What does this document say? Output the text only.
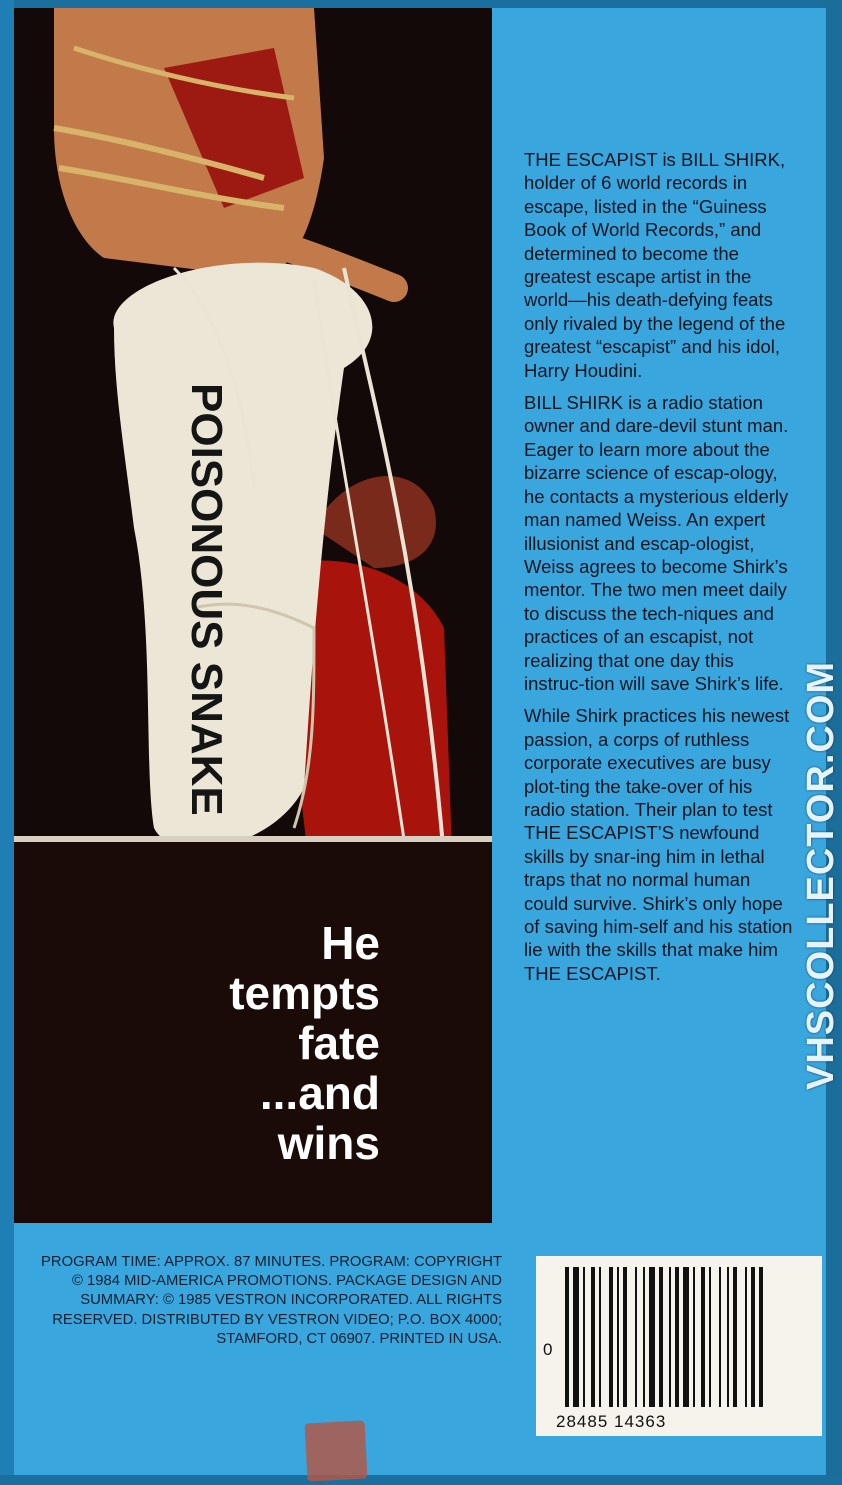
POISONOUS SNAKE
He
tempts
fate
...and
wins

THE ESCAPIST is BILL SHIRK, holder of 6 world records in escape, listed in the “Guiness Book of World Records,” and determined to become the greatest escape artist in the world—his death-defying feats only rivaled by the legend of the greatest “escapist” and his idol, Harry Houdini.

BILL SHIRK is a radio station owner and dare-devil stunt man. Eager to learn more about the bizarre science of escap-ology, he contacts a mysterious elderly man named Weiss. An expert illusionist and escap-ologist, Weiss agrees to become Shirk’s mentor. The two men meet daily to discuss the tech-niques and practices of an escapist, not realizing that one day this instruc-tion will save Shirk’s life.

While Shirk practices his newest passion, a corps of ruthless corporate executives are busy plot-ting the take-over of his radio station. Their plan to test THE ESCAPIST’S newfound skills by snar-ing him in lethal traps that no normal human could survive. Shirk’s only hope of saving him-self and his station lie with the skills that make him THE ESCAPIST.

PROGRAM TIME: APPROX. 87 MINUTES. PROGRAM: COPYRIGHT © 1984 MID-AMERICA PROMOTIONS. PACKAGE DESIGN AND SUMMARY: © 1985 VESTRON INCORPORATED. ALL RIGHTS RESERVED. DISTRIBUTED BY VESTRON VIDEO; P.O. BOX 4000; STAMFORD, CT 06907. PRINTED IN USA.
0
28485 14363
VHSCOLLECTOR.COM
